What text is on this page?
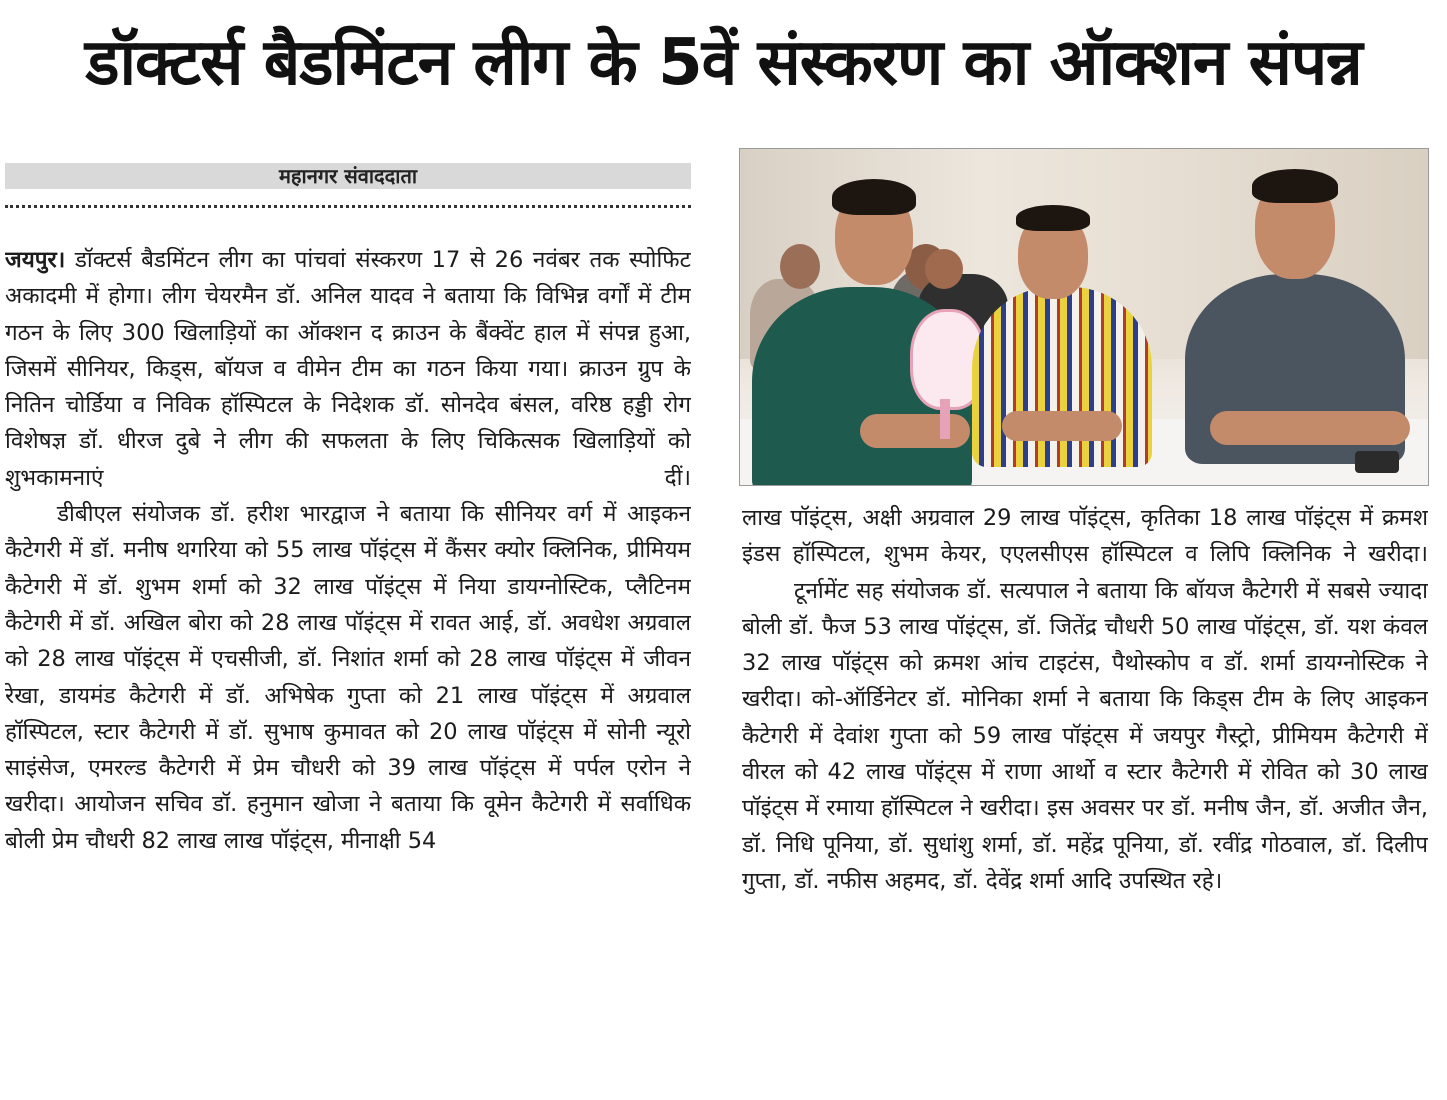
डॉक्टर्स बैडमिंटन लीग के 5वें संस्करण का ऑक्शन संपन्न
महानगर संवाददाता

जयपुर। डॉक्टर्स बैडमिंटन लीग का पांचवां संस्करण 17 से 26 नवंबर तक स्पोफिट अकादमी में होगा। लीग चेयरमैन डॉ. अनिल यादव ने बताया कि विभिन्न वर्गों में टीम गठन के लिए 300 खिलाड़ियों का ऑक्शन द क्राउन के बैंक्वेंट हाल में संपन्न हुआ, जिसमें सीनियर, किड्स, बॉयज व वीमेन टीम का गठन किया गया। क्राउन ग्रुप के नितिन चोर्डिया व निविक हॉस्पिटल के निदेशक डॉ. सोनदेव बंसल, वरिष्ठ हड्डी रोग विशेषज्ञ डॉ. धीरज दुबे ने लीग की सफलता के लिए चिकित्सक खिलाड़ियों को शुभकामनाएं दीं।

डीबीएल संयोजक डॉ. हरीश भारद्वाज ने बताया कि सीनियर वर्ग में आइकन कैटेगरी में डॉ. मनीष थगरिया को 55 लाख पॉइंट्स में कैंसर क्योर क्लिनिक, प्रीमियम कैटेगरी में डॉ. शुभम शर्मा को 32 लाख पॉइंट्स में निया डायग्नोस्टिक, प्लैटिनम कैटेगरी में डॉ. अखिल बोरा को 28 लाख पॉइंट्स में रावत आई, डॉ. अवधेश अग्रवाल को 28 लाख पॉइंट्स में एचसीजी, डॉ. निशांत शर्मा को 28 लाख पॉइंट्स में जीवन रेखा, डायमंड कैटेगरी में डॉ. अभिषेक गुप्ता को 21 लाख पॉइंट्स में अग्रवाल हॉस्पिटल, स्टार कैटेगरी में डॉ. सुभाष कुमावत को 20 लाख पॉइंट्स में सोनी न्यूरो साइंसेज, एमरल्ड कैटेगरी में प्रेम चौधरी को 39 लाख पॉइंट्स में पर्पल एरोन ने खरीदा। आयोजन सचिव डॉ. हनुमान खोजा ने बताया कि वूमेन कैटेगरी में सर्वाधिक बोली प्रेम चौधरी 82 लाख लाख पॉइंट्स, मीनाक्षी 54

लाख पॉइंट्स, अक्षी अग्रवाल 29 लाख पॉइंट्स, कृतिका 18 लाख पॉइंट्स में क्रमश इंडस हॉस्पिटल, शुभम केयर, एएलसीएस हॉस्पिटल व लिपि क्लिनिक ने खरीदा।

टूर्नामेंट सह संयोजक डॉ. सत्यपाल ने बताया कि बॉयज कैटेगरी में सबसे ज्यादा बोली डॉ. फैज 53 लाख पॉइंट्स, डॉ. जितेंद्र चौधरी 50 लाख पॉइंट्स, डॉ. यश कंवल 32 लाख पॉइंट्स को क्रमश आंच टाइटंस, पैथोस्कोप व डॉ. शर्मा डायग्नोस्टिक ने खरीदा। को-ऑर्डिनेटर डॉ. मोनिका शर्मा ने बताया कि किड्स टीम के लिए आइकन कैटेगरी में देवांश गुप्ता को 59 लाख पॉइंट्स में जयपुर गैस्ट्रो, प्रीमियम कैटेगरी में वीरल को 42 लाख पॉइंट्स में राणा आर्थो व स्टार कैटेगरी में रोवित को 30 लाख पॉइंट्स में रमाया हॉस्पिटल ने खरीदा। इस अवसर पर डॉ. मनीष जैन, डॉ. अजीत जैन, डॉ. निधि पूनिया, डॉ. सुधांशु शर्मा, डॉ. महेंद्र पूनिया, डॉ. रवींद्र गोठवाल, डॉ. दिलीप गुप्ता, डॉ. नफीस अहमद, डॉ. देवेंद्र शर्मा आदि उपस्थित रहे।
